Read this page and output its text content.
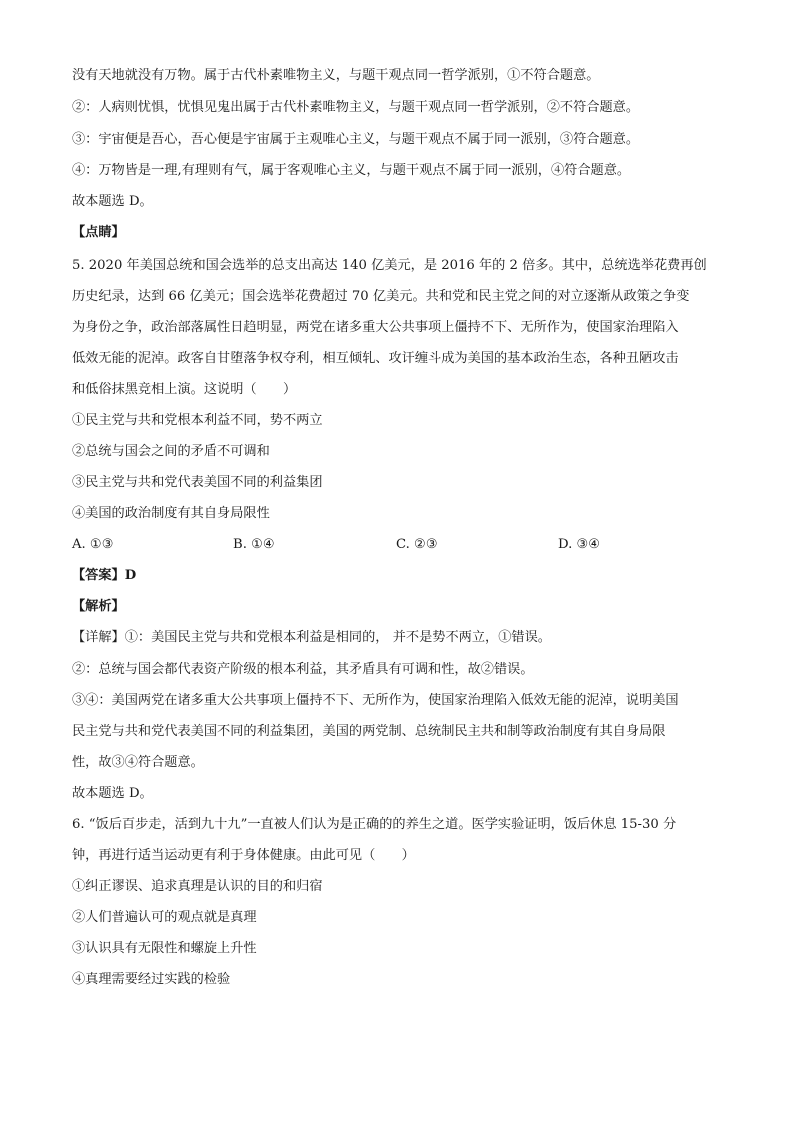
没有天地就没有万物。属于古代朴素唯物主义，与题干观点同一哲学派别，①不符合题意。
②：人病则忧惧，忧惧见鬼出属于古代朴素唯物主义，与题干观点同一哲学派别，②不符合题意。
③：宇宙便是吾心，吾心便是宇宙属于主观唯心主义，与题干观点不属于同一派别，③符合题意。
④：万物皆是一理,有理则有气，属于客观唯心主义，与题干观点不属于同一派别，④符合题意。
故本题选 D。
【点睛】
5. 2020 年美国总统和国会选举的总支出高达 140 亿美元，是 2016 年的 2 倍多。其中，总统选举花费再创
历史纪录，达到 66 亿美元；国会选举花费超过 70 亿美元。共和党和民主党之间的对立逐渐从政策之争变
为身份之争，政治部落属性日趋明显，两党在诸多重大公共事项上僵持不下、无所作为，使国家治理陷入
低效无能的泥淖。政客自甘堕落争权夺利，相互倾轧、攻讦缠斗成为美国的基本政治生态，各种丑陋攻击
和低俗抹黑竞相上演。这说明（　　）
①民主党与共和党根本利益不同，势不两立
②总统与国会之间的矛盾不可调和
③民主党与共和党代表美国不同的利益集团
④美国的政治制度有其自身局限性
A. ①③	B. ①④	C. ②③	D. ③④
【答案】D
【解析】
【详解】①：美国民主党与共和党根本利益是相同的， 并不是势不两立，①错误。
②：总统与国会都代表资产阶级的根本利益，其矛盾具有可调和性，故②错误。
③④：美国两党在诸多重大公共事项上僵持不下、无所作为，使国家治理陷入低效无能的泥淖，说明美国
民主党与共和党代表美国不同的利益集团，美国的两党制、总统制民主共和制等政治制度有其自身局限
性，故③④符合题意。
故本题选 D。
6. “饭后百步走，活到九十九”一直被人们认为是正确的的养生之道。医学实验证明，饭后休息 15-30 分
钟，再进行适当运动更有利于身体健康。由此可见（　　）
①纠正谬误、追求真理是认识的目的和归宿
②人们普遍认可的观点就是真理
③认识具有无限性和螺旋上升性
④真理需要经过实践的检验
